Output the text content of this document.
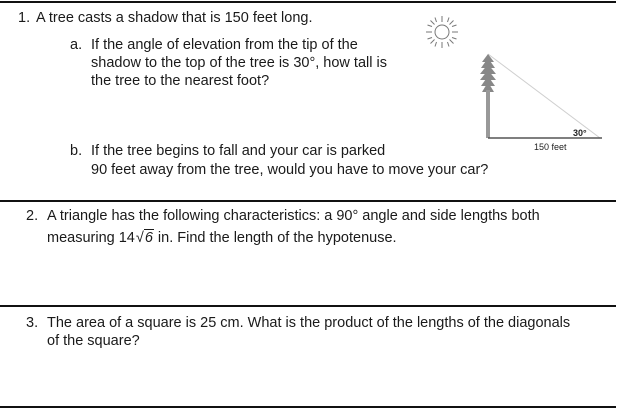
1. A tree casts a shadow that is 150 feet long.
a. If the angle of elevation from the tip of the
shadow to the top of the tree is 30°, how tall is
the tree to the nearest foot?
b. If the tree begins to fall and your car is parked
90 feet away from the tree, would you have to move your car?
30°
150 feet
2. A triangle has the following characteristics: a 90° angle and side lengths both
measuring 14√6 in. Find the length of the hypotenuse.
3. The area of a square is 25 cm. What is the product of the lengths of the diagonals
of the square?
